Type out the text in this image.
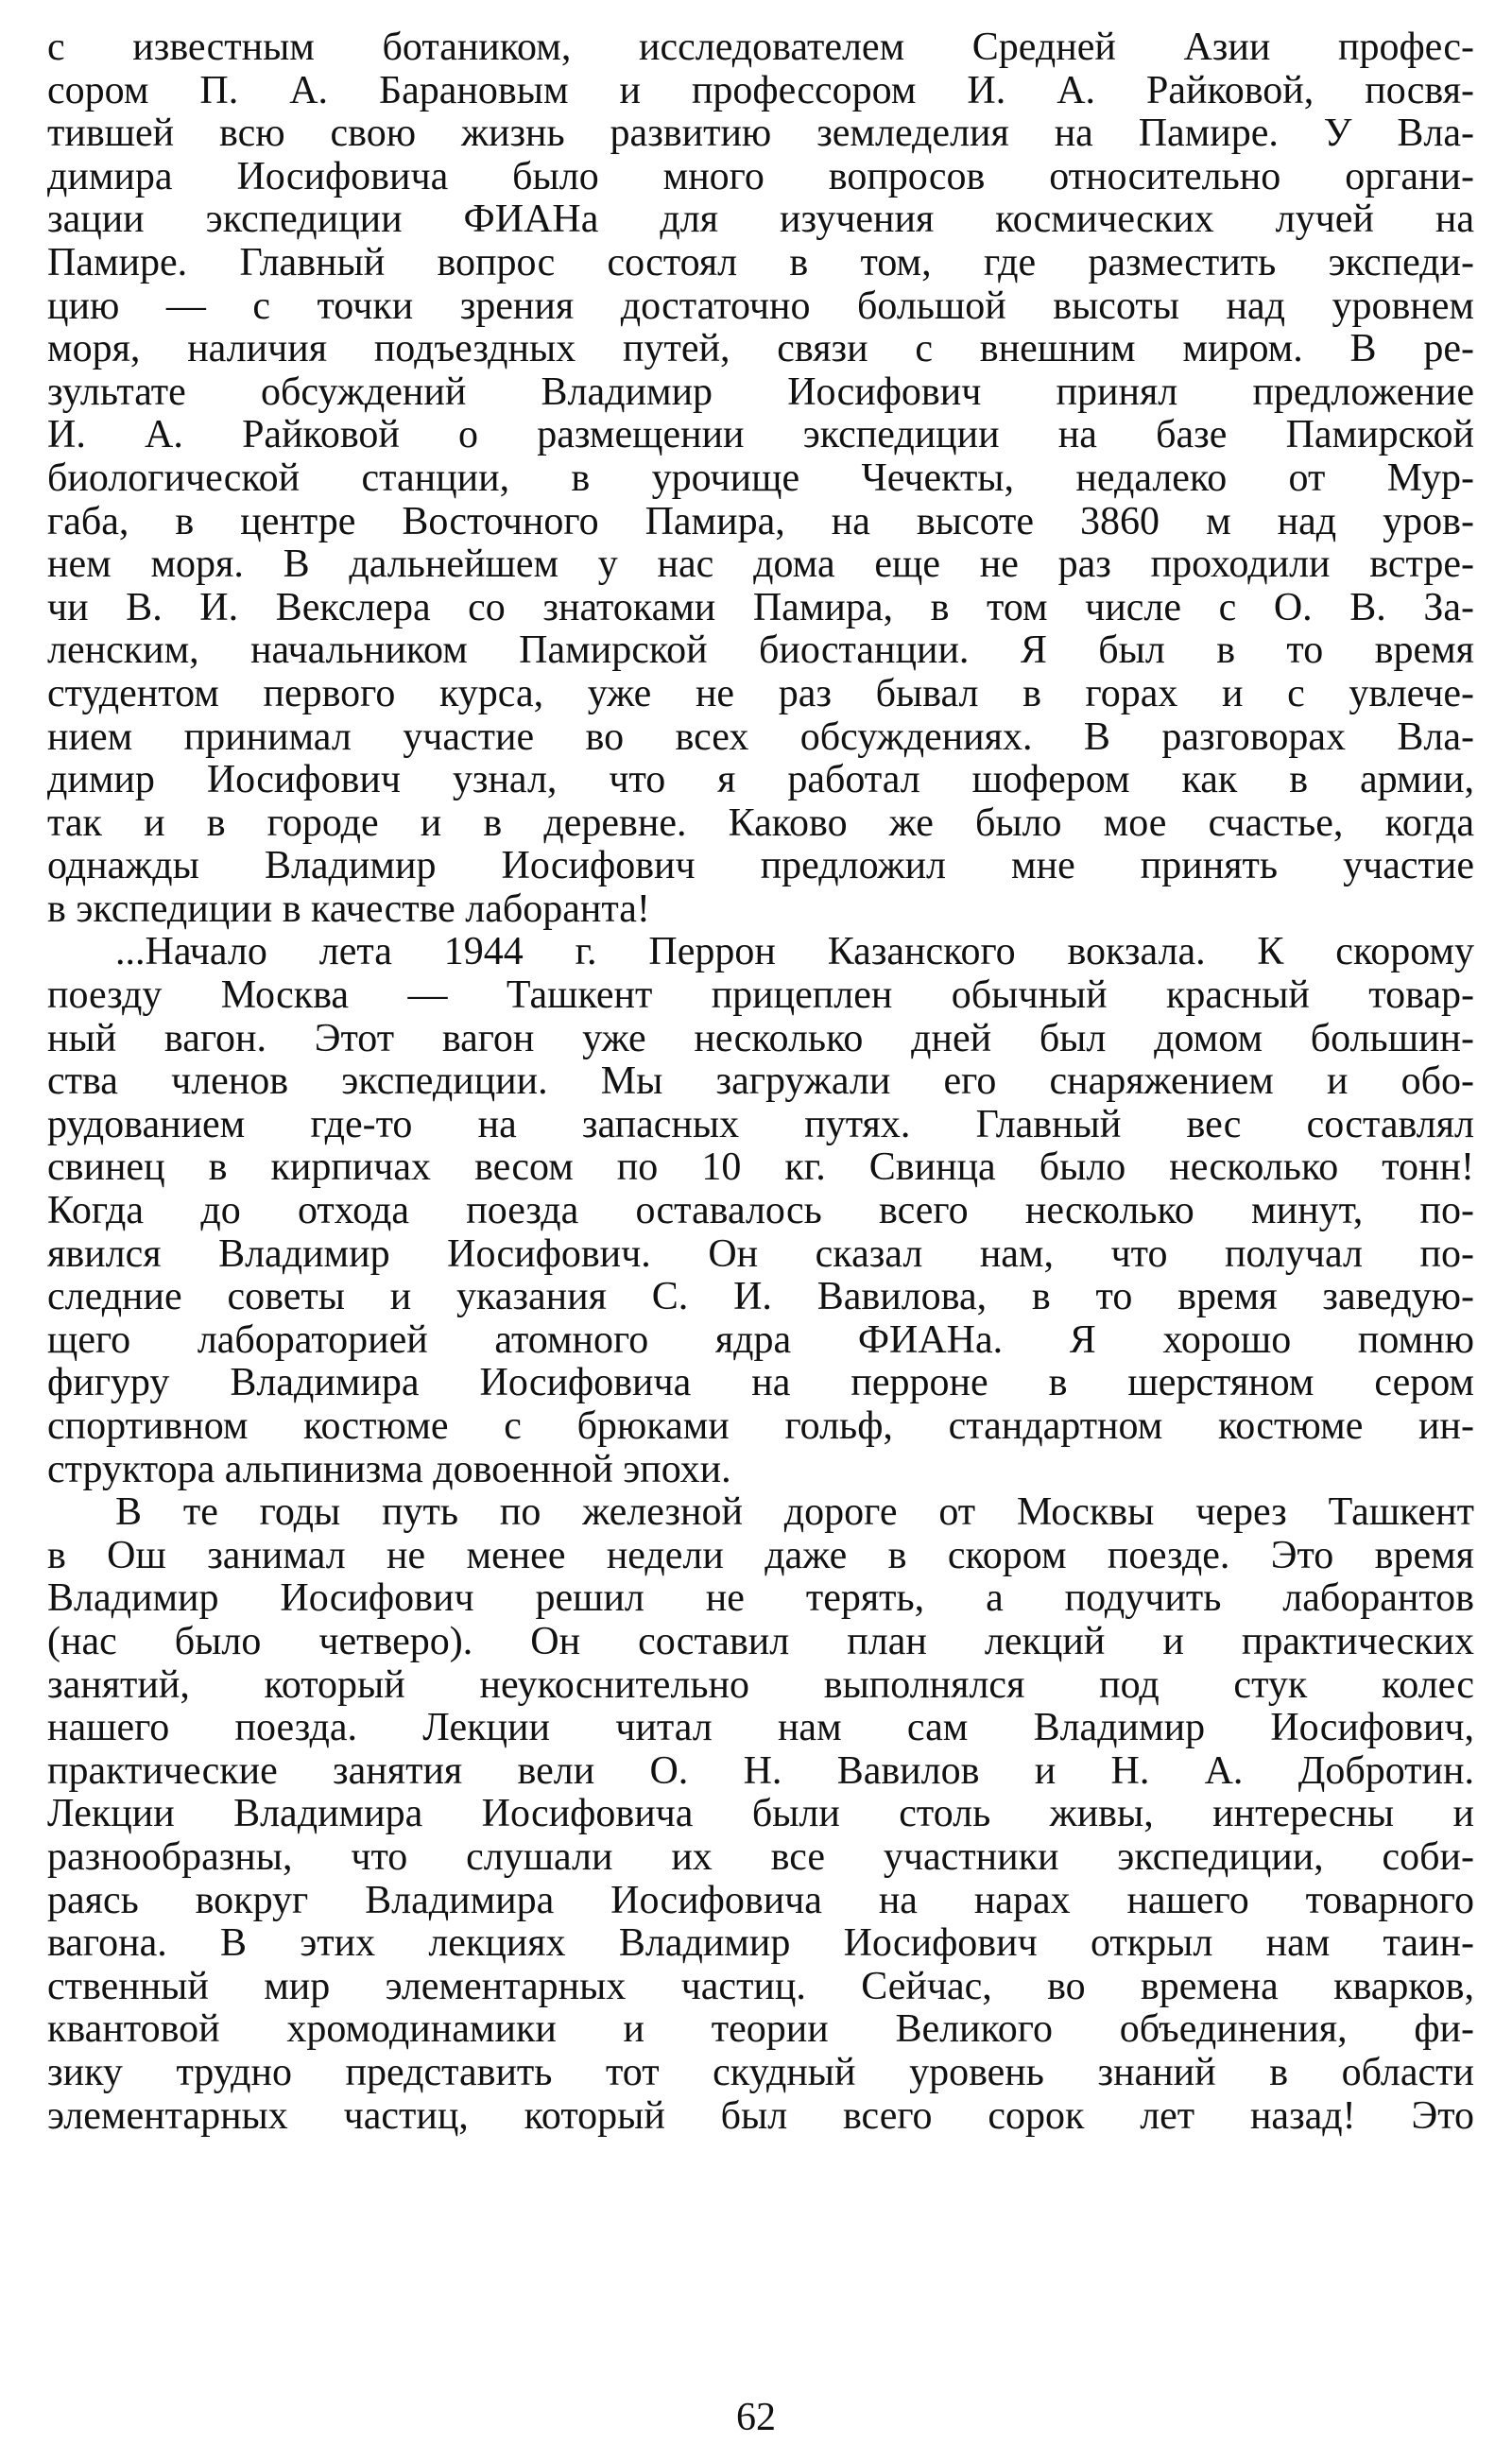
с известным ботаником, исследователем Средней Азии профес-
сором П. А. Барановым и профессором И. А. Райковой, посвя-
тившей всю свою жизнь развитию земледелия на Памире. У Вла-
димира Иосифовича было много вопросов относительно органи-
зации экспедиции ФИАНа для изучения космических лучей на
Памире. Главный вопрос состоял в том, где разместить экспеди-
цию — с точки зрения достаточно большой высоты над уровнем
моря, наличия подъездных путей, связи с внешним миром. В ре-
зультате обсуждений Владимир Иосифович принял предложение
И. А. Райковой о размещении экспедиции на базе Памирской
биологической станции, в урочище Чечекты, недалеко от Мур-
габа, в центре Восточного Памира, на высоте 3860 м над уров-
нем моря. В дальнейшем у нас дома еще не раз проходили встре-
чи В. И. Векслера со знатоками Памира, в том числе с О. В. За-
ленским, начальником Памирской биостанции. Я был в то время
студентом первого курса, уже не раз бывал в горах и с увлече-
нием принимал участие во всех обсуждениях. В разговорах Вла-
димир Иосифович узнал, что я работал шофером как в армии,
так и в городе и в деревне. Каково же было мое счастье, когда
однажды Владимир Иосифович предложил мне принять участие
в экспедиции в качестве лаборанта!
...Начало лета 1944 г. Перрон Казанского вокзала. К скорому
поезду Москва — Ташкент прицеплен обычный красный товар-
ный вагон. Этот вагон уже несколько дней был домом большин-
ства членов экспедиции. Мы загружали его снаряжением и обо-
рудованием где-то на запасных путях. Главный вес составлял
свинец в кирпичах весом по 10 кг. Свинца было несколько тонн!
Когда до отхода поезда оставалось всего несколько минут, по-
явился Владимир Иосифович. Он сказал нам, что получал по-
следние советы и указания С. И. Вавилова, в то время заведую-
щего лабораторией атомного ядра ФИАНа. Я хорошо помню
фигуру Владимира Иосифовича на перроне в шерстяном сером
спортивном костюме с брюками гольф, стандартном костюме ин-
структора альпинизма довоенной эпохи.
В те годы путь по железной дороге от Москвы через Ташкент
в Ош занимал не менее недели даже в скором поезде. Это время
Владимир Иосифович решил не терять, а подучить лаборантов
(нас было четверо). Он составил план лекций и практических
занятий, который неукоснительно выполнялся под стук колес
нашего поезда. Лекции читал нам сам Владимир Иосифович,
практические занятия вели О. Н. Вавилов и Н. А. Добротин.
Лекции Владимира Иосифовича были столь живы, интересны и
разнообразны, что слушали их все участники экспедиции, соби-
раясь вокруг Владимира Иосифовича на нарах нашего товарного
вагона. В этих лекциях Владимир Иосифович открыл нам таин-
ственный мир элементарных частиц. Сейчас, во времена кварков,
квантовой хромодинамики и теории Великого объединения, фи-
зику трудно представить тот скудный уровень знаний в области
элементарных частиц, который был всего сорок лет назад! Это
62
